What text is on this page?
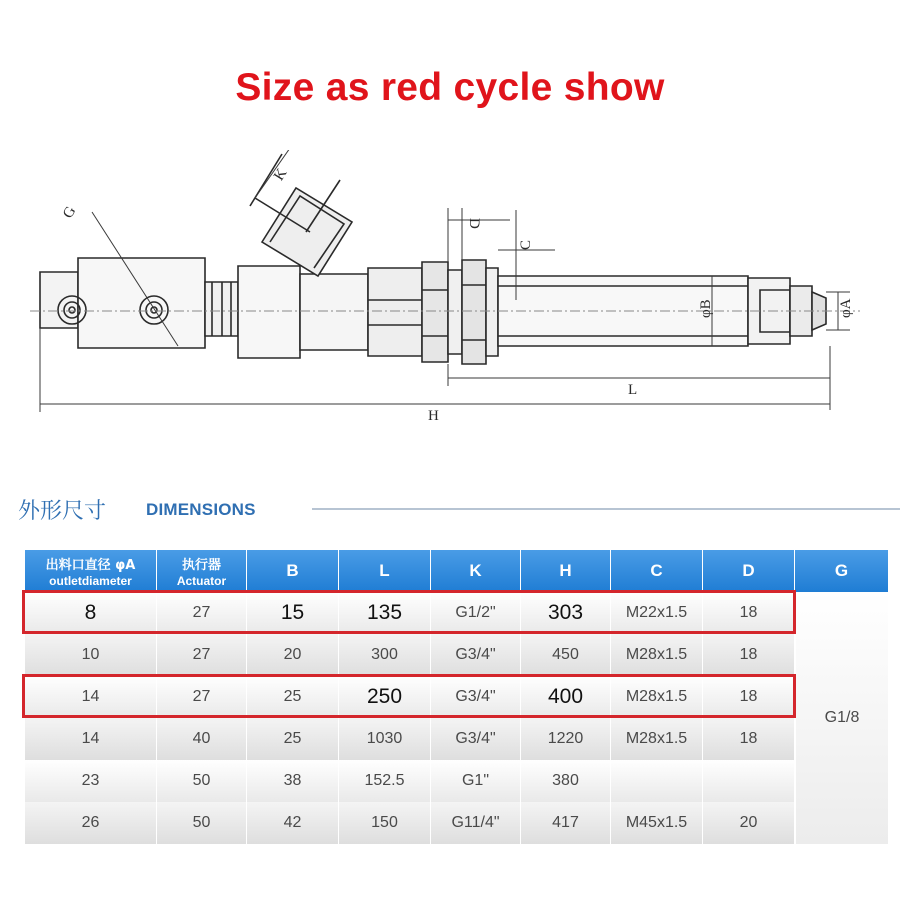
Size as red cycle show
G
K
D
C
φB	φA
L
H
外形尺寸 DIMENSIONS
出料口直径 φA
outletdiameter
执行器
Actuator
B	L	K	H	C	D	G
8	27	15	135	G1/2"	303	M22x1.5	18
10	27	20	300	G3/4"	450	M28x1.5	18
14	27	25	250	G3/4"	400	M28x1.5	18
14	40	25	1030	G3/4"	1220	M28x1.5	18
23	50	38	152.5	G1"	380
26	50	42	150	G11/4"	417	M45x1.5	20
G1/8
